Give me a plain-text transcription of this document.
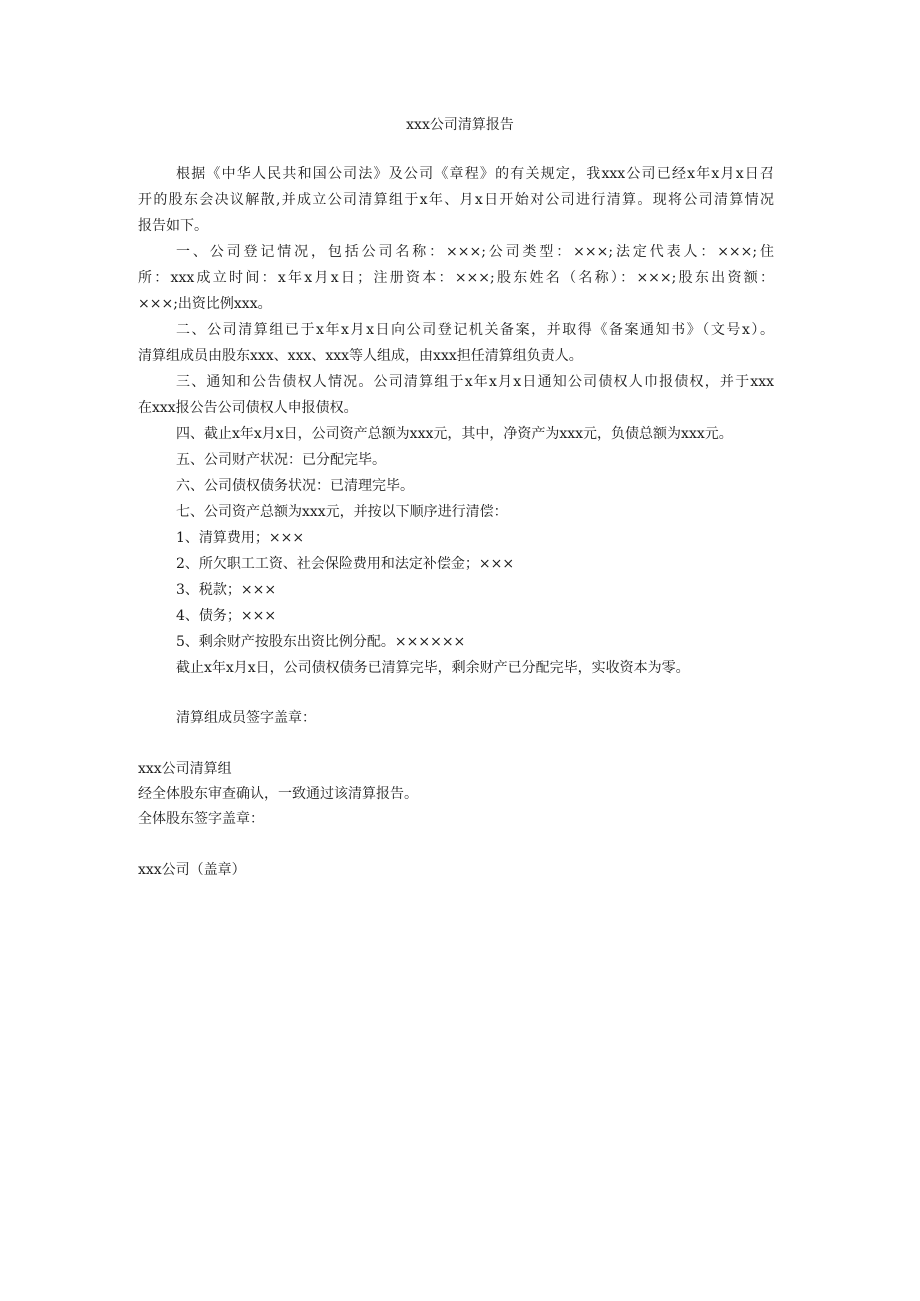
xxx公司清算报告
根据《中华人民共和国公司法》及公司《章程》的有关规定，我xxx公司已经x年x月x日召
开的股东会决议解散,并成立公司清算组于x年、月x日开始对公司进行清算。现将公司清算情况
报告如下。
一、公司登记情况，包括公司名称：×××;公司类型：×××;法定代表人：×××;住
所：xxx成立时间：x年x月x日；注册资本：×××;股东姓名（名称）：×××;股东出资额：
×××;出资比例xxx。
二、公司清算组已于x年x月x日向公司登记机关备案，并取得《备案通知书》（文号x）。
清算组成员由股东xxx、xxx、xxx等人组成，由xxx担任清算组负责人。
三、通知和公告债权人情况。公司清算组于x年x月x日通知公司债权人巾报债权，并于xxx
在xxx报公告公司债权人申报债权。
四、截止x年x月x日，公司资产总额为xxx元，其中，净资产为xxx元，负债总额为xxx元。
五、公司财产状况：已分配完毕。
六、公司债权债务状况：已清理完毕。
七、公司资产总额为xxx元，并按以下顺序进行清偿：
1、清算费用；×××
2、所欠职工工资、社会保险费用和法定补偿金；×××
3、税款；×××
4、债务；×××
5、剩余财产按股东出资比例分配。××××××
截止x年x月x日，公司债权债务已清算完毕，剩余财产已分配完毕，实收资本为零。
清算组成员签字盖章：
xxx公司清算组
经全体股东审查确认，一致通过该清算报告。
全体股东签字盖章：
xxx公司（盖章）
